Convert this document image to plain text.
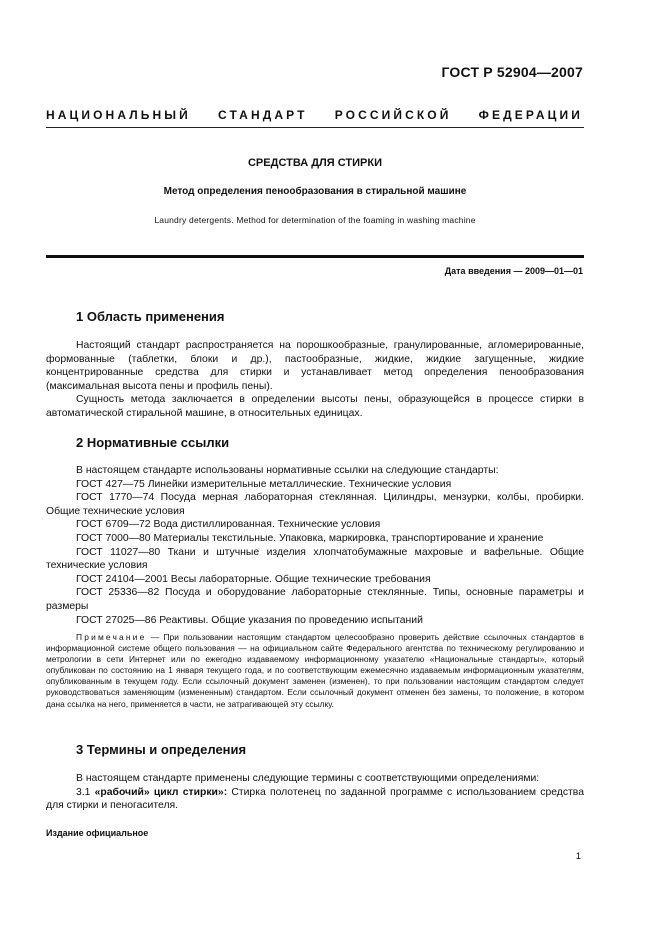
ГОСТ Р 52904—2007
НАЦИОНАЛЬНЫЙ СТАНДАРТ РОССИЙСКОЙ ФЕДЕРАЦИИ
СРЕДСТВА ДЛЯ СТИРКИ
Метод определения пенообразования в стиральной машине
Laundry detergents. Method for determination of the foaming in washing machine
Дата введения — 2009—01—01
1 Область применения

Настоящий стандарт распространяется на порошкообразные, гранулированные, агломерированные, формованные (таблетки, блоки и др.), пастообразные, жидкие, жидкие загущенные, жидкие концентрированные средства для стирки и устанавливает метод определения пенообразования (максимальная высота пены и профиль пены).

Сущность метода заключается в определении высоты пены, образующейся в процессе стирки в автоматической стиральной машине, в относительных единицах.

2 Нормативные ссылки

В настоящем стандарте использованы нормативные ссылки на следующие стандарты:

ГОСТ 427—75 Линейки измерительные металлические. Технические условия

ГОСТ 1770—74 Посуда мерная лабораторная стеклянная. Цилиндры, мензурки, колбы, пробирки. Общие технические условия

ГОСТ 6709—72 Вода дистиллированная. Технические условия

ГОСТ 7000—80 Материалы текстильные. Упаковка, маркировка, транспортирование и хранение

ГОСТ 11027—80 Ткани и штучные изделия хлопчатобумажные махровые и вафельные. Общие технические условия

ГОСТ 24104—2001 Весы лабораторные. Общие технические требования

ГОСТ 25336—82 Посуда и оборудование лабораторные стеклянные. Типы, основные параметры и размеры

ГОСТ 27025—86 Реактивы. Общие указания по проведению испытаний

Примечание — При пользовании настоящим стандартом целесообразно проверить действие ссылочных стандартов в информационной системе общего пользования — на официальном сайте Федерального агентства по техническому регулированию и метрологии в сети Интернет или по ежегодно издаваемому информационному указателю «Национальные стандарты», который опубликован по состоянию на 1 января текущего года, и по соответствующим ежемесячно издаваемым информационным указателям, опубликованным в текущем году. Если ссылочный документ заменен (изменен), то при пользовании настоящим стандартом следует руководствоваться заменяющим (измененным) стандартом. Если ссылочный документ отменен без замены, то положение, в котором дана ссылка на него, применяется в части, не затрагивающей эту ссылку.
3 Термины и определения

В настоящем стандарте применены следующие термины с соответствующими определениями:

3.1 «рабочий» цикл стирки»: Стирка полотенец по заданной программе с использованием средства для стирки и пеногасителя.

Издание официальное
1
